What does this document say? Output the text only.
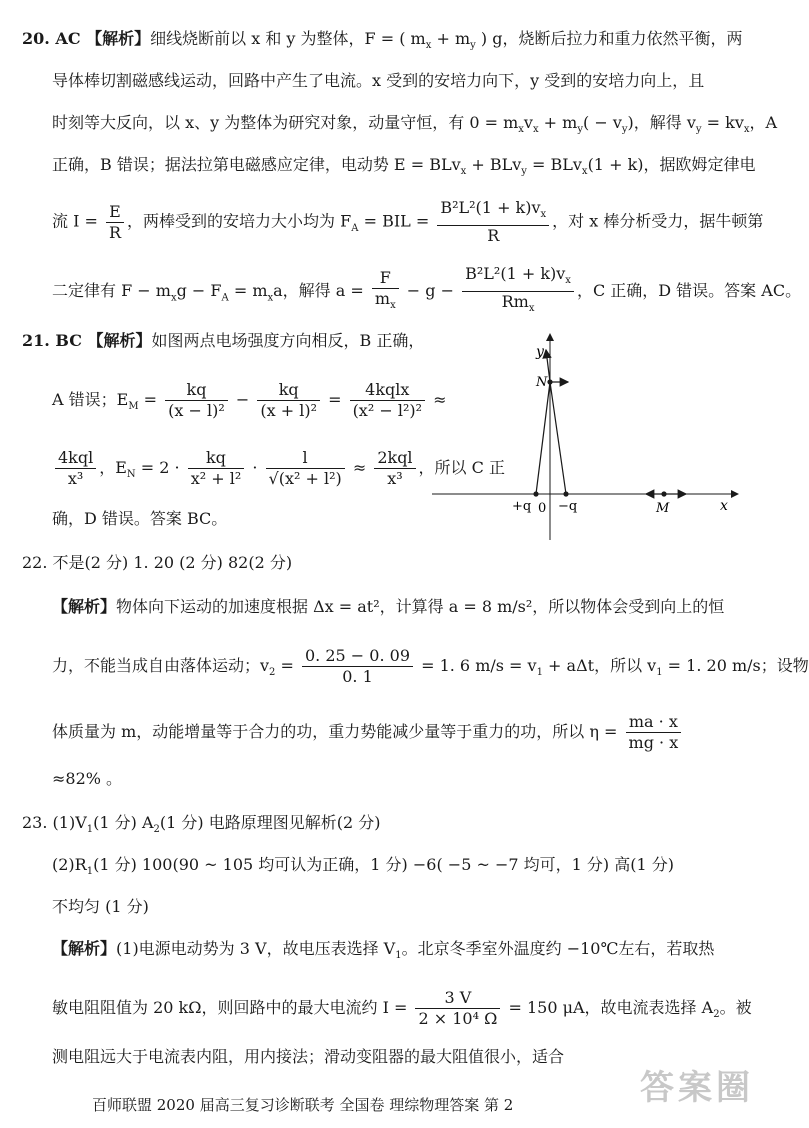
20. AC 【解析】细线烧断前以 x 和 y 为整体，F = ( $m_x + m_y$ ) g，烧断后拉力和重力依然平衡，两
导体棒切割磁感线运动，回路中产生了电流。x 受到的安培力向下，y 受到的安培力向上，且
时刻等大反向，以 x、y 为整体为研究对象，动量守恒，有 $0 = m_xv_x + m_y( - v_y)$，解得 $v_y = kv_x$，A
正确，B 错误；据法拉第电磁感应定律，电动势 E = BLv$_x$ + BLv$_y$ = BLv$_x$(1 + k)，据欧姆定律电
流 $I = \frac{E}{R}$ ，两棒受到的安培力大小均为 $F_A$ = BIL = $\frac{B^2L^2(1 + k)v_x}{R}$ ，对 x 棒分析受力，据牛顿第
二定律有 $F - m_xg - F_A = m_xa$，解得 $a = \frac{F}{m_x} - g - \frac{B^2L^2(1 + k)v_x}{Rm_x}$ ，C 正确，D 错误。答案 AC。
21. BC 【解析】如图两点电场强度方向相反，B 正确，
A 错误；$E_M = \frac{kq}{\text{(x − l)²}} - \frac{kq}{\text{(x + l)²}} = \frac{\text{4kqlx}}{\text{(x² − l²)²}}$ ≈
$\frac{\text{4kql}}{\text{x³}}$ ，$E_N = 2 \cdot \frac{kq}{\text{x² + l²}} \cdot \frac{l}{\text{√(x² + l²)}} \approx \frac{\text{2kql}}{\text{x³}}$ ，所以 C 正
确，D 错误。答案 BC。
y
x
N
M
0
+q −q
22. 不是(2 分) 1. 20 (2 分) 82(2 分)
【解析】物体向下运动的加速度根据 Δx = at²，计算得 a = 8 m/s²，所以物体会受到向上的恒
力，不能当成自由落体运动；$v_2 = \frac{0. 25 - 0. 09}{0. 1} = 1$. 6 $m/s = v_1 + a\Delta t$，所以 $v_1 = 1$. 20 m/s；设物
体质量为 m，动能增量等于合力的功，重力势能减少量等于重力的功，所以 $\eta = \frac{ma \cdot x}{mg \cdot x}$
≈82% 。
23. $(1)V_1(1$ 分) $A_2(1$ 分) 电路原理图见解析(2 分)
$(2)R_1(1$ 分) 100(90 ~ 105 均可认为正确，1 分) −6( −5 ~ −7 均可，1 分) 高(1 分)
不均匀 (1 分)
【解析】(1)电源电动势为 3 V，故电压表选择 $V_1$。北京冬季室外温度约 −10℃左右，若取热
敏电阻阻值为 20 kΩ，则回路中的最大电流约 $I = \frac{3 V}{\text{2 × 10⁴ Ω}} = 150$ μA，故电流表选择 $A_2$。被
测电阻远大于电流表内阻，用内接法；滑动变阻器的最大阻值很小，适合
答案圈
百师联盟 2020 届高三复习诊断联考 全国卷 理综物理答案 第 2
